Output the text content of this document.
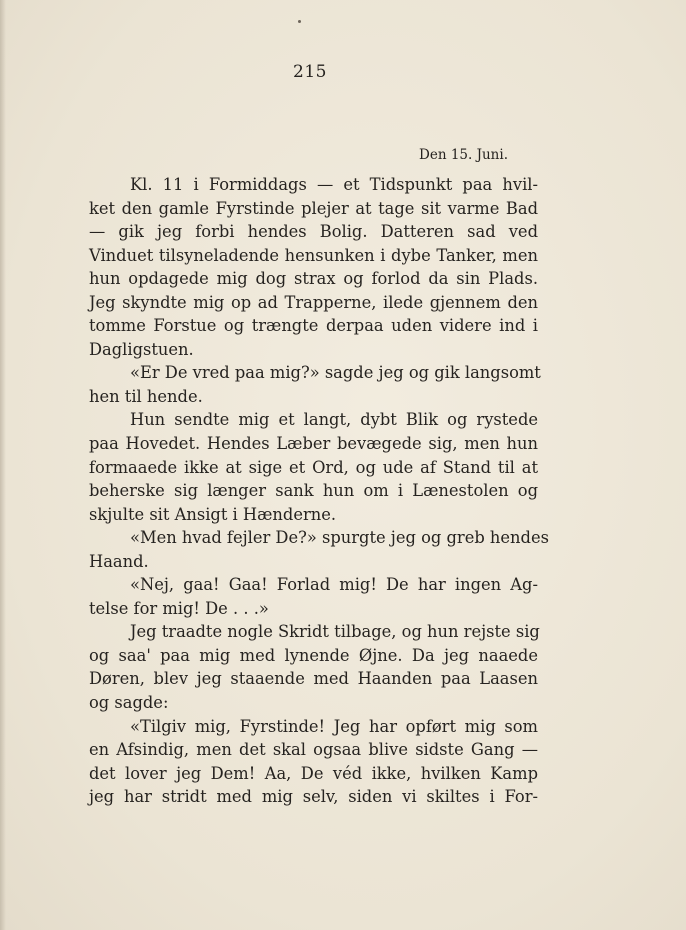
215
Den 15. Juni.
Kl. 11 i Formiddags — et Tidspunkt paa hvil-
ket den gamle Fyrstinde plejer at tage sit varme Bad
— gik jeg forbi hendes Bolig. Datteren sad ved
Vinduet tilsyneladende hensunken i dybe Tanker, men
hun opdagede mig dog strax og forlod da sin Plads.
Jeg skyndte mig op ad Trapperne, ilede gjennem den
tomme Forstue og trængte derpaa uden videre ind i
Dagligstuen.
«Er De vred paa mig?» sagde jeg og gik langsomt
hen til hende.
Hun sendte mig et langt, dybt Blik og rystede
paa Hovedet. Hendes Læber bevægede sig, men hun
formaaede ikke at sige et Ord, og ude af Stand til at
beherske sig længer sank hun om i Lænestolen og
skjulte sit Ansigt i Hænderne.
«Men hvad fejler De?» spurgte jeg og greb hendes
Haand.
«Nej, gaa! Gaa! Forlad mig! De har ingen Ag-
telse for mig! De . . .»
Jeg traadte nogle Skridt tilbage, og hun rejste sig
og saa' paa mig med lynende Øjne. Da jeg naaede
Døren, blev jeg staaende med Haanden paa Laasen
og sagde:
«Tilgiv mig, Fyrstinde! Jeg har opført mig som
en Afsindig, men det skal ogsaa blive sidste Gang —
det lover jeg Dem! Aa, De véd ikke, hvilken Kamp
jeg har stridt med mig selv, siden vi skiltes i For-
